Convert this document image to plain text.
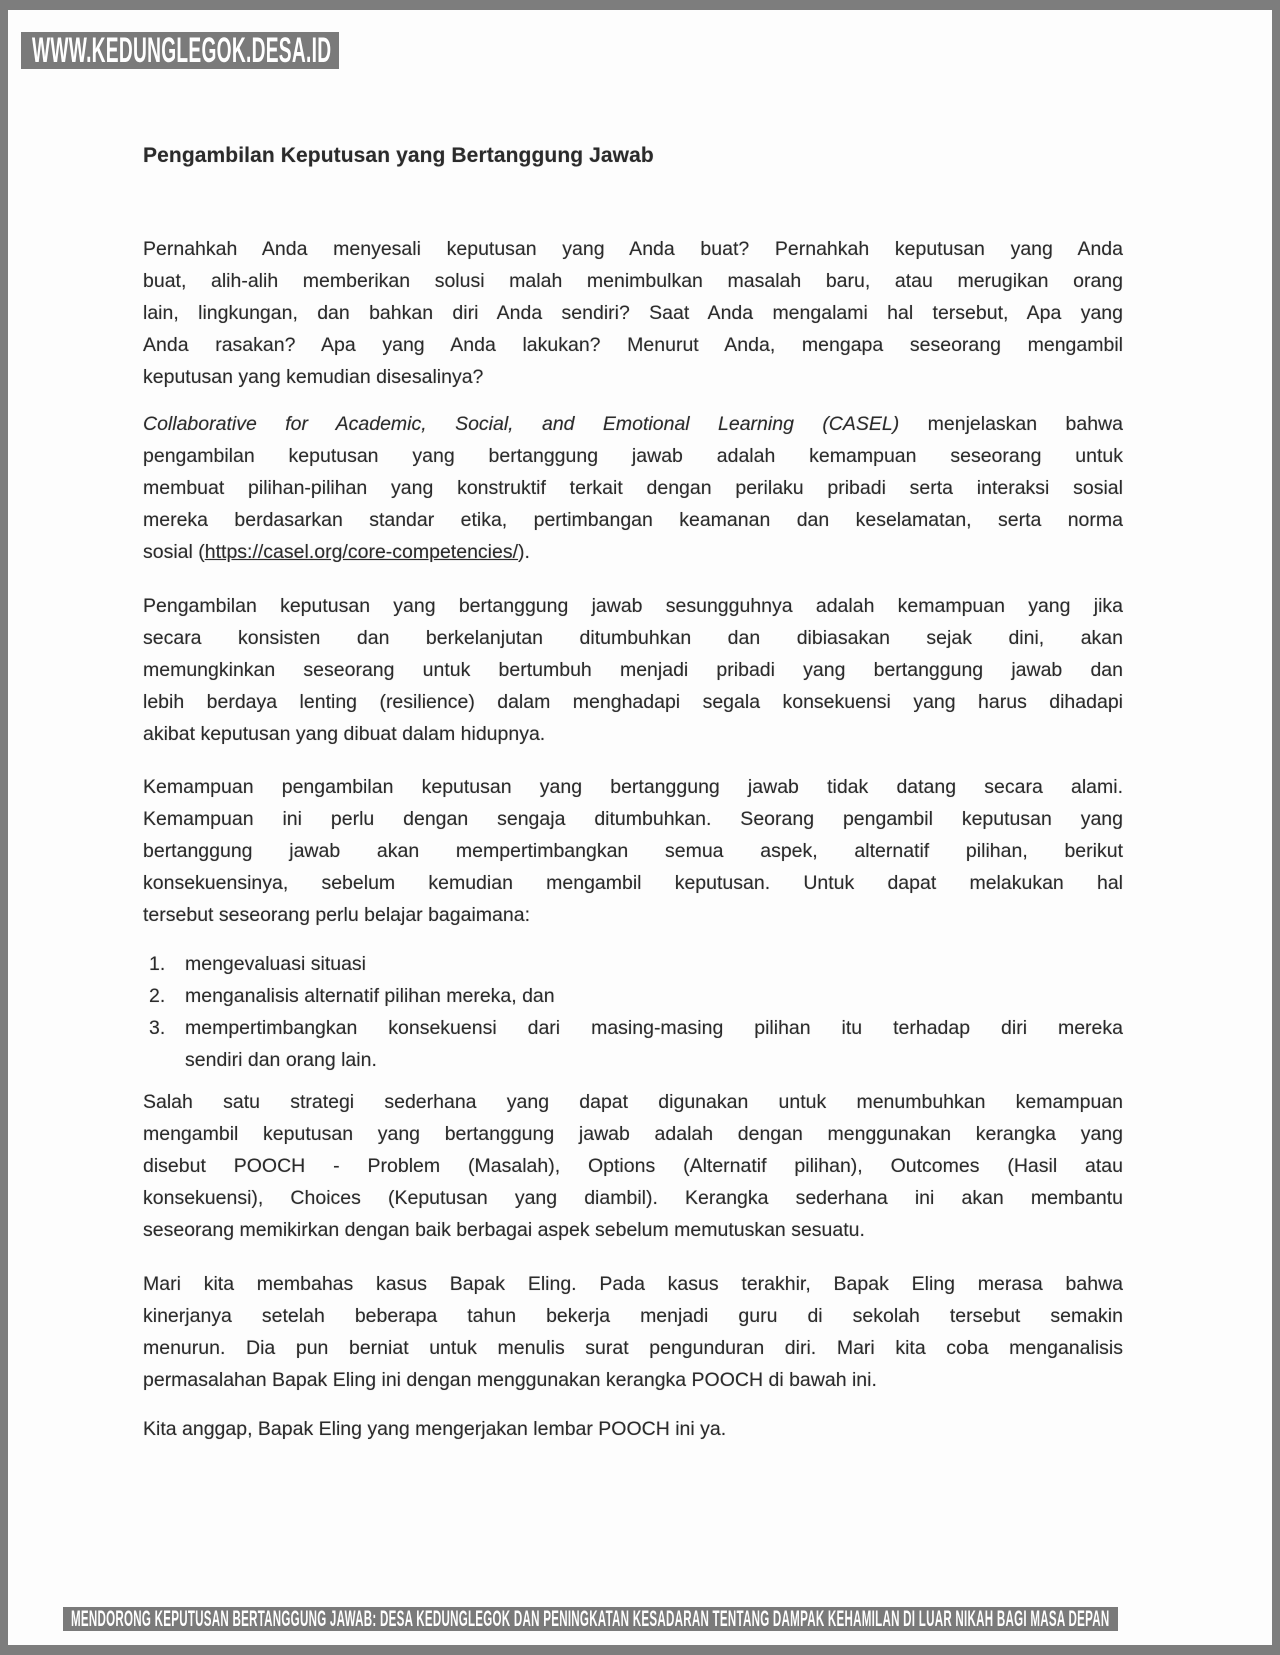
WWW.KEDUNGLEGOK.DESA.ID
Pengambilan Keputusan yang Bertanggung Jawab
Pernahkah Anda menyesali keputusan yang Anda buat? Pernahkah keputusan yang Anda
buat, alih-alih memberikan solusi malah menimbulkan masalah baru, atau merugikan orang
lain, lingkungan, dan bahkan diri Anda sendiri? Saat Anda mengalami hal tersebut, Apa yang
Anda rasakan? Apa yang Anda lakukan? Menurut Anda, mengapa seseorang mengambil
keputusan yang kemudian disesalinya?
Collaborative for Academic, Social, and Emotional Learning (CASEL) menjelaskan bahwa
pengambilan keputusan yang bertanggung jawab adalah kemampuan seseorang untuk
membuat pilihan-pilihan yang konstruktif terkait dengan perilaku pribadi serta interaksi sosial
mereka berdasarkan standar etika, pertimbangan keamanan dan keselamatan, serta norma
sosial (https://casel.org/core-competencies/).
Pengambilan keputusan yang bertanggung jawab sesungguhnya adalah kemampuan yang jika
secara konsisten dan berkelanjutan ditumbuhkan dan dibiasakan sejak dini, akan
memungkinkan seseorang untuk bertumbuh menjadi pribadi yang bertanggung jawab dan
lebih berdaya lenting (resilience) dalam menghadapi segala konsekuensi yang harus dihadapi
akibat keputusan yang dibuat dalam hidupnya.
Kemampuan pengambilan keputusan yang bertanggung jawab tidak datang secara alami.
Kemampuan ini perlu dengan sengaja ditumbuhkan. Seorang pengambil keputusan yang
bertanggung jawab akan mempertimbangkan semua aspek, alternatif pilihan, berikut
konsekuensinya, sebelum kemudian mengambil keputusan. Untuk dapat melakukan hal
tersebut seseorang perlu belajar bagaimana:
1.	mengevaluasi situasi
2.	menganalisis alternatif pilihan mereka, dan
3.	mempertimbangkan konsekuensi dari masing-masing pilihan itu terhadap diri mereka
sendiri dan orang lain.
Salah satu strategi sederhana yang dapat digunakan untuk menumbuhkan kemampuan
mengambil keputusan yang bertanggung jawab adalah dengan menggunakan kerangka yang
disebut POOCH - Problem (Masalah), Options (Alternatif pilihan), Outcomes (Hasil atau
konsekuensi), Choices (Keputusan yang diambil). Kerangka sederhana ini akan membantu
seseorang memikirkan dengan baik berbagai aspek sebelum memutuskan sesuatu.
Mari kita membahas kasus Bapak Eling. Pada kasus terakhir, Bapak Eling merasa bahwa
kinerjanya setelah beberapa tahun bekerja menjadi guru di sekolah tersebut semakin
menurun. Dia pun berniat untuk menulis surat pengunduran diri. Mari kita coba menganalisis
permasalahan Bapak Eling ini dengan menggunakan kerangka POOCH di bawah ini.
Kita anggap, Bapak Eling yang mengerjakan lembar POOCH ini ya.
MENDORONG KEPUTUSAN BERTANGGUNG JAWAB: DESA KEDUNGLEGOK DAN PENINGKATAN KESADARAN TENTANG DAMPAK KEHAMILAN DI LUAR NIKAH BAGI MASA DEPAN
